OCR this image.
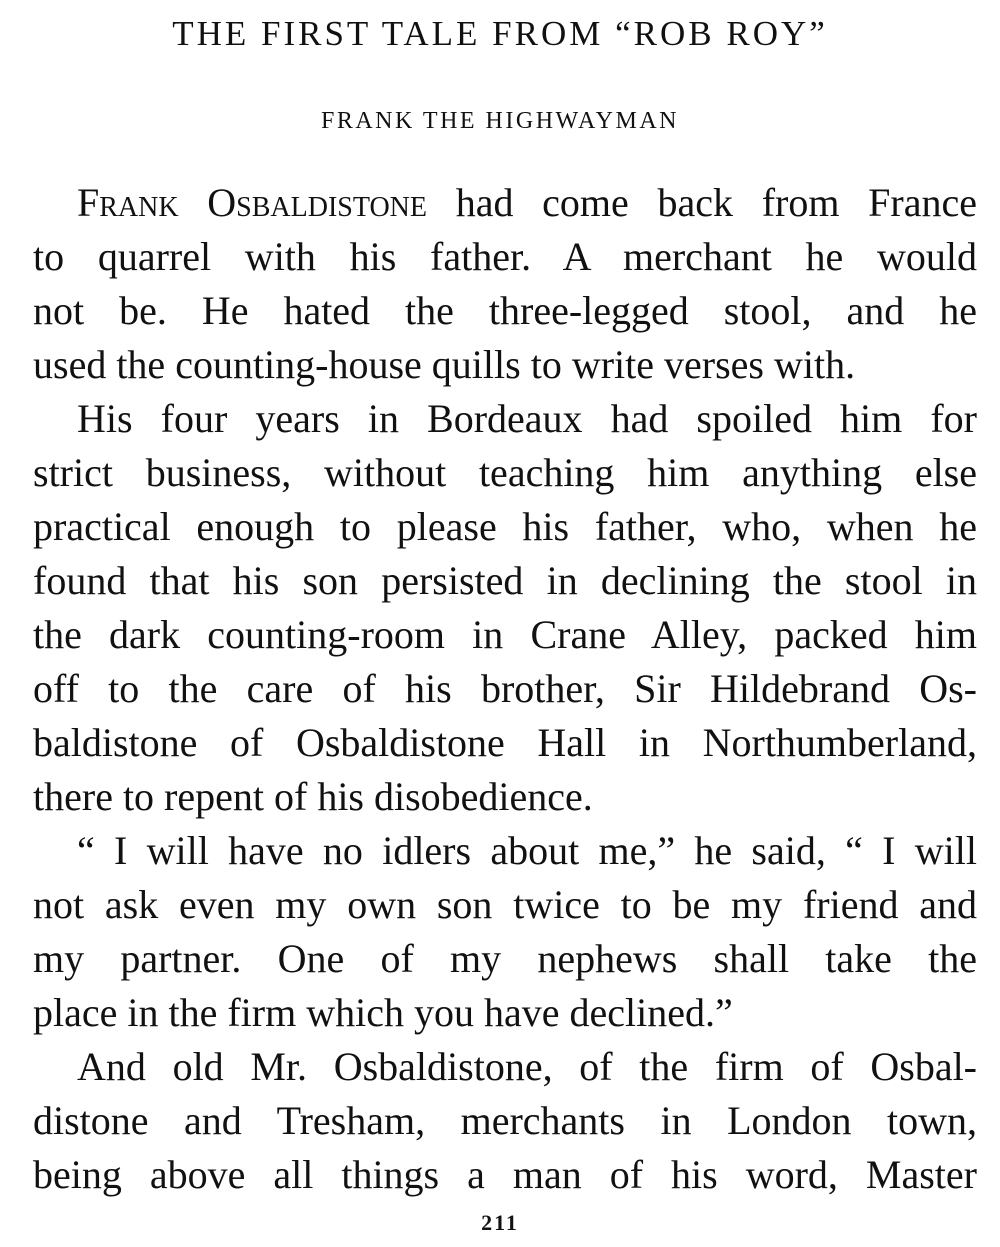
THE FIRST TALE FROM “ROB ROY”
FRANK THE HIGHWAYMAN
Frank Osbaldistone had come back from France
to quarrel with his father. A merchant he would
not be. He hated the three-legged stool, and he
used the counting-house quills to write verses with.
His four years in Bordeaux had spoiled him for
strict business, without teaching him anything else
practical enough to please his father, who, when he
found that his son persisted in declining the stool in
the dark counting-room in Crane Alley, packed him
off to the care of his brother, Sir Hildebrand Os-
baldistone of Osbaldistone Hall in Northumberland,
there to repent of his disobedience.
“ I will have no idlers about me,” he said, “ I will
not ask even my own son twice to be my friend and
my partner. One of my nephews shall take the
place in the firm which you have declined.”
And old Mr. Osbaldistone, of the firm of Osbal-
distone and Tresham, merchants in London town,
being above all things a man of his word, Master
211
